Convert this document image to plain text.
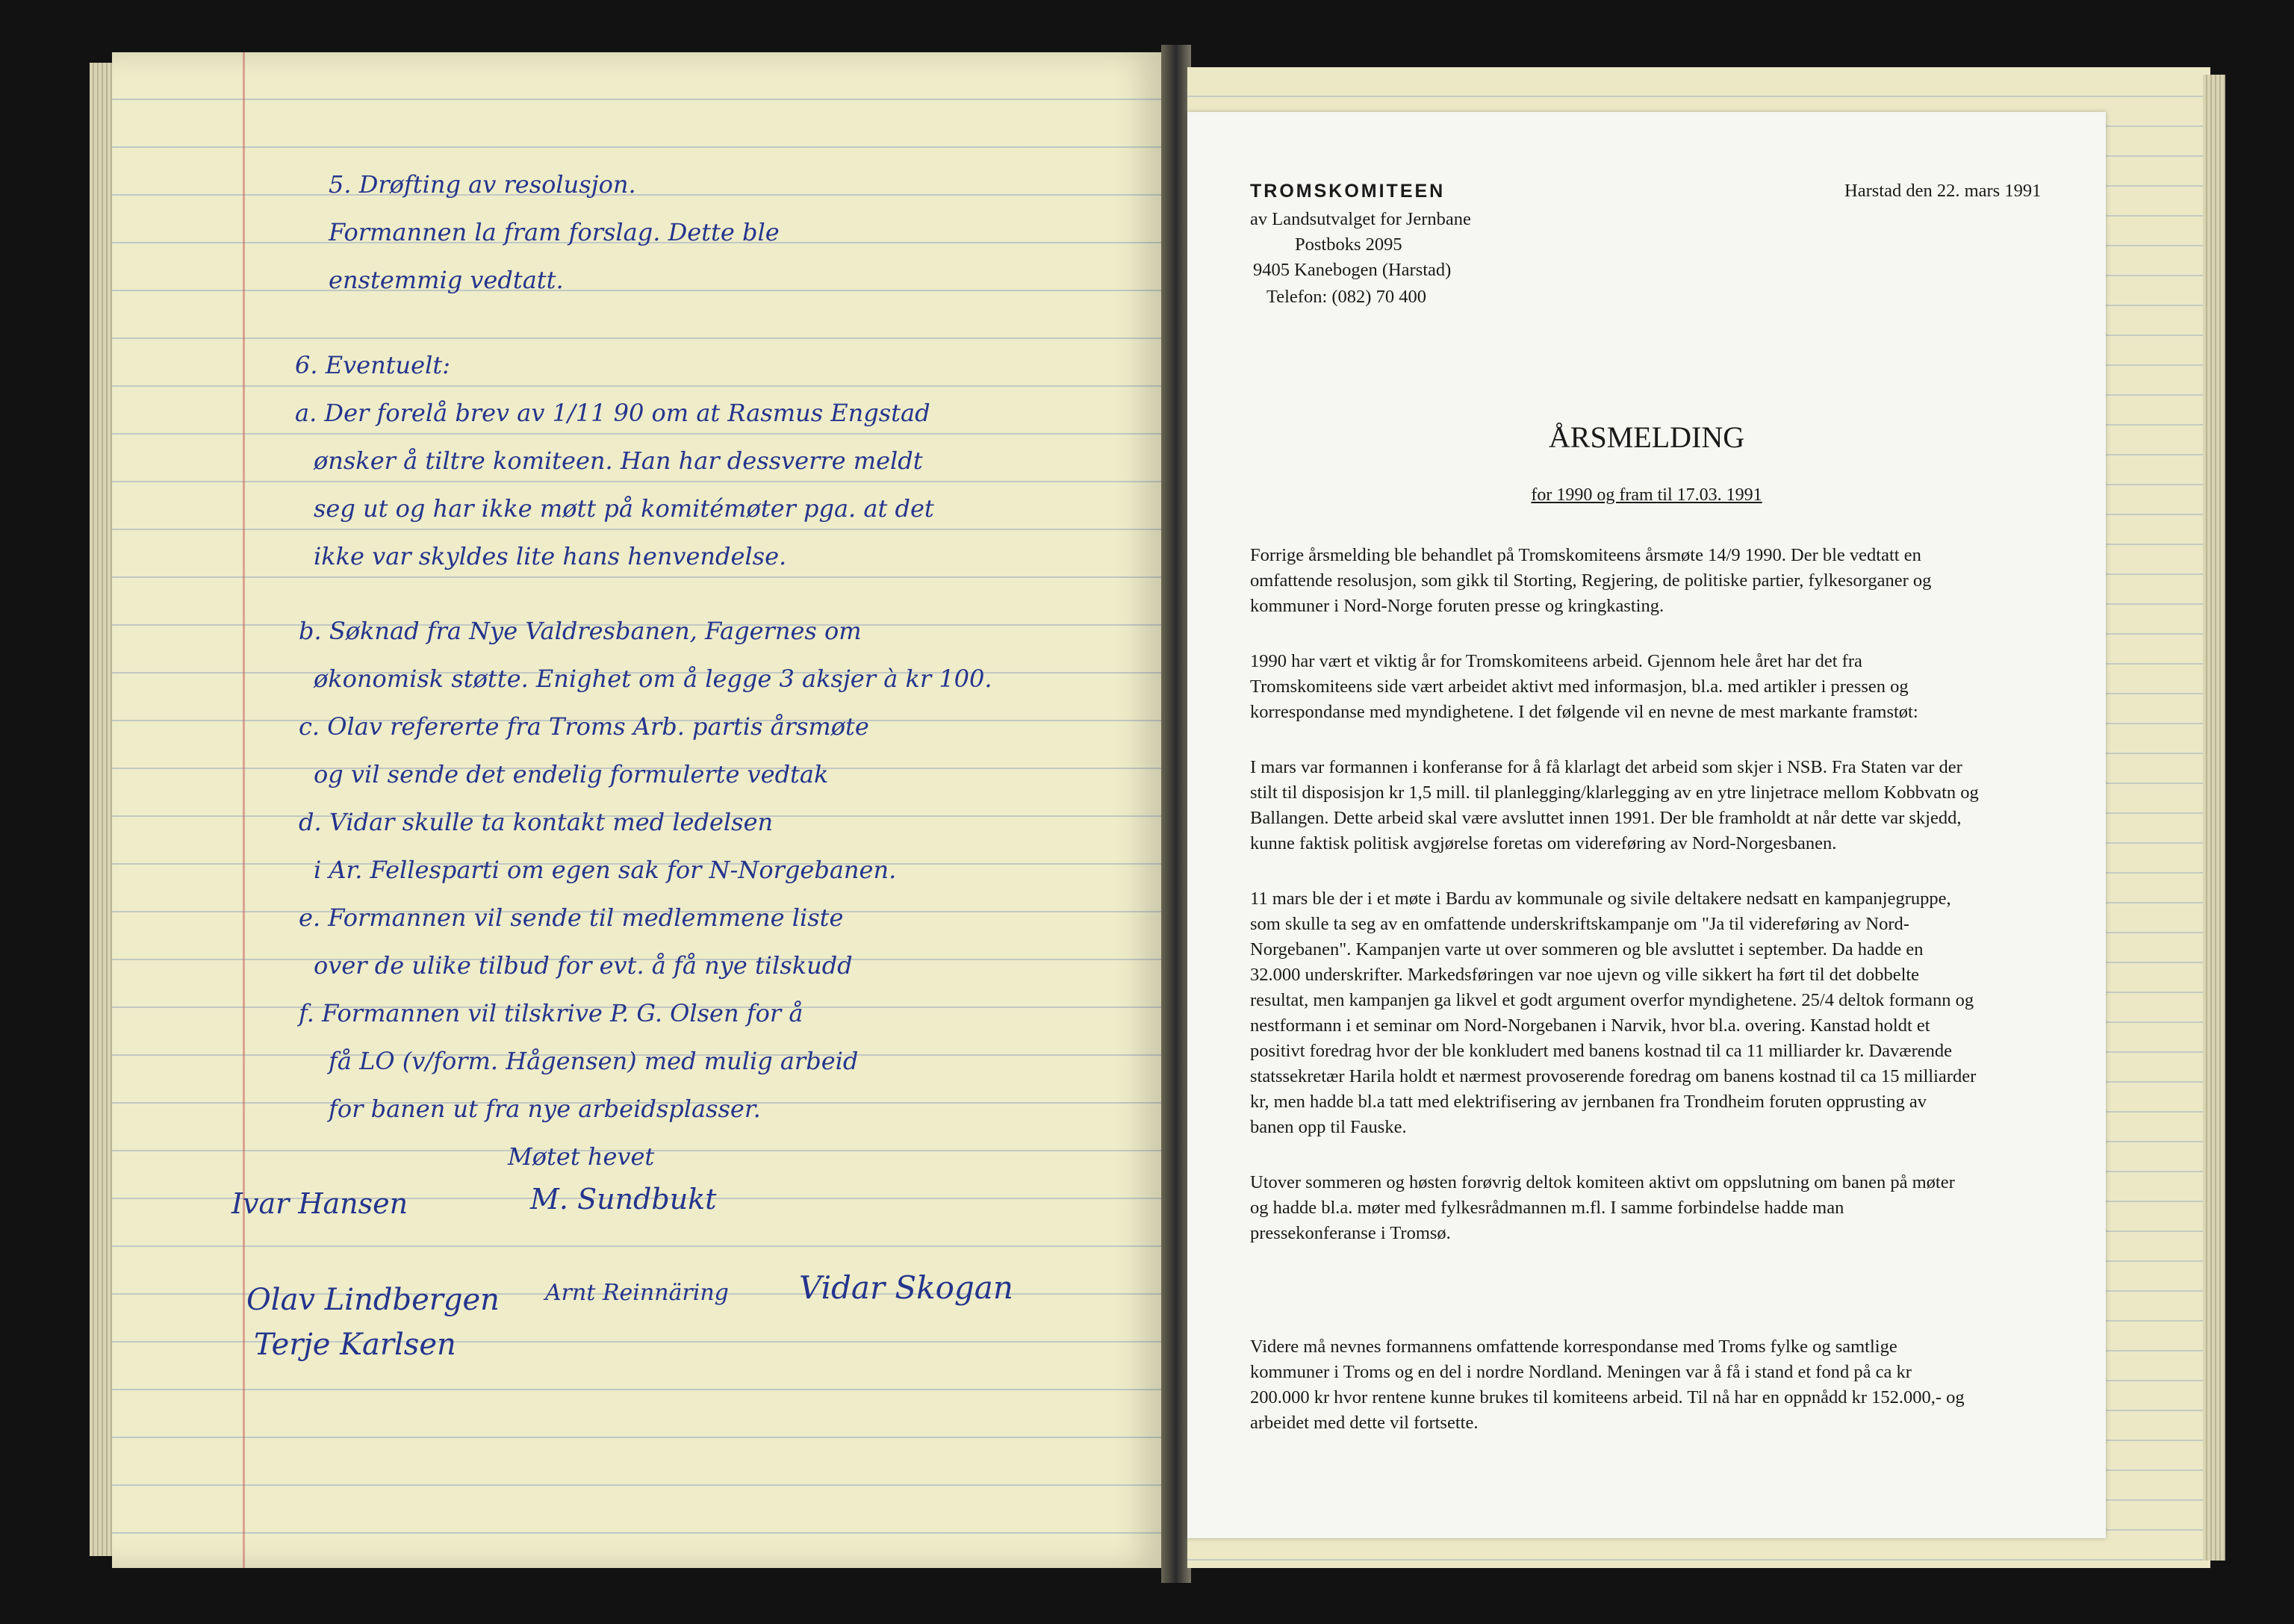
5. Drøfting av resolusjon.
Formannen la fram forslag. Dette ble
enstemmig vedtatt.
6. Eventuelt:
a. Der forelå brev av 1/11 90 om at Rasmus Engstad
ønsker å tiltre komiteen. Han har dessverre meldt
seg ut og har ikke møtt på komitémøter pga. at det
ikke var skyldes lite hans henvendelse.
b. Søknad fra Nye Valdresbanen, Fagernes om
økonomisk støtte. Enighet om å legge 3 aksjer à kr 100.
c. Olav refererte fra Troms Arb. partis årsmøte
og vil sende det endelig formulerte vedtak
d. Vidar skulle ta kontakt med ledelsen
i Ar. Fellesparti om egen sak for N-Norgebanen.
e. Formannen vil sende til medlemmene liste
over de ulike tilbud for evt. å få nye tilskudd
f. Formannen vil tilskrive P. G. Olsen for å
få LO (v/form. Hågensen) med mulig arbeid
for banen ut fra nye arbeidsplasser.
Møtet hevet
Ivar Hansen	M. Sundbukt
Olav Lindbergen Arnt Reinnäring Vidar Skogan
Terje Karlsen
TROMSKOMITEEN
av Landsutvalget for Jernbane
Postboks 2095
9405 Kanebogen (Harstad)
Telefon: (082) 70 400
Harstad den 22. mars 1991
ÅRSMELDING
for 1990 og fram til 17.03. 1991
Forrige årsmelding ble behandlet på Tromskomiteens årsmøte 14/9 1990. Der ble vedtatt en
omfattende resolusjon, som gikk til Storting, Regjering, de politiske partier, fylkesorganer og
kommuner i Nord-Norge foruten presse og kringkasting.
1990 har vært et viktig år for Tromskomiteens arbeid. Gjennom hele året har det fra
Tromskomiteens side vært arbeidet aktivt med informasjon, bl.a. med artikler i pressen og
korrespondanse med myndighetene. I det følgende vil en nevne de mest markante framstøt:
I mars var formannen i konferanse for å få klarlagt det arbeid som skjer i NSB. Fra Staten var der
stilt til disposisjon kr 1,5 mill. til planlegging/klarlegging av en ytre linjetrace mellom Kobbvatn og
Ballangen. Dette arbeid skal være avsluttet innen 1991. Der ble framholdt at når dette var skjedd,
kunne faktisk politisk avgjørelse foretas om videreføring av Nord-Norgesbanen.
11 mars ble der i et møte i Bardu av kommunale og sivile deltakere nedsatt en kampanjegruppe,
som skulle ta seg av en omfattende underskriftskampanje om "Ja til videreføring av Nord-
Norgebanen". Kampanjen varte ut over sommeren og ble avsluttet i september. Da hadde en
32.000 underskrifter. Markedsføringen var noe ujevn og ville sikkert ha ført til det dobbelte
resultat, men kampanjen ga likvel et godt argument overfor myndighetene. 25/4 deltok formann og
nestformann i et seminar om Nord-Norgebanen i Narvik, hvor bl.a. overing. Kanstad holdt et
positivt foredrag hvor der ble konkludert med banens kostnad til ca 11 milliarder kr. Daværende
statssekretær Harila holdt et nærmest provoserende foredrag om banens kostnad til ca 15 milliarder
kr, men hadde bl.a tatt med elektrifisering av jernbanen fra Trondheim foruten opprusting av
banen opp til Fauske.
Utover sommeren og høsten forøvrig deltok komiteen aktivt om oppslutning om banen på møter
og hadde bl.a. møter med fylkesrådmannen m.fl. I samme forbindelse hadde man
pressekonferanse i Tromsø.
Videre må nevnes formannens omfattende korrespondanse med Troms fylke og samtlige
kommuner i Troms og en del i nordre Nordland. Meningen var å få i stand et fond på ca kr
200.000 kr hvor rentene kunne brukes til komiteens arbeid. Til nå har en oppnådd kr 152.000,- og
arbeidet med dette vil fortsette.
